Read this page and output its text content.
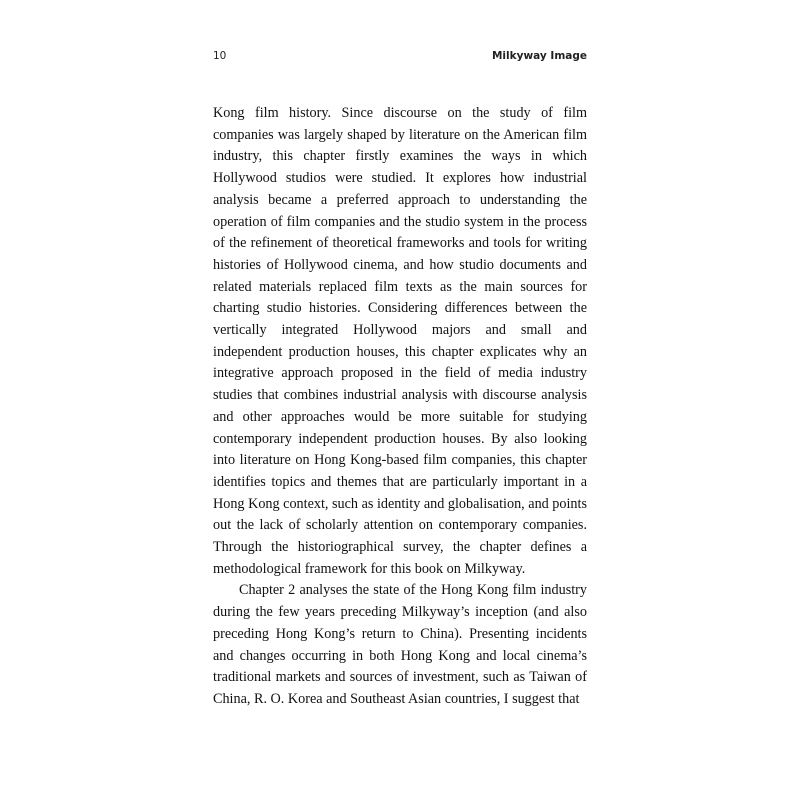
10	Milkyway Image

Kong film history. Since discourse on the study of film companies was largely shaped by literature on the American film industry, this chapter firstly examines the ways in which Hollywood studios were studied. It explores how industrial analysis became a preferred approach to understanding the operation of film companies and the studio system in the process of the refinement of theoretical frameworks and tools for writing histories of Hollywood cinema, and how studio documents and related materials replaced film texts as the main sources for charting studio histories. Considering differences between the vertically integrated Hollywood majors and small and independent production houses, this chapter explicates why an integrative approach proposed in the field of media industry studies that combines industrial analysis with discourse analysis and other approaches would be more suitable for studying contemporary independent production houses. By also looking into literature on Hong Kong-based film companies, this chapter identifies topics and themes that are particularly important in a Hong Kong context, such as identity and globalisation, and points out the lack of scholarly attention on contemporary companies. Through the historiographical survey, the chapter defines a methodological framework for this book on Milkyway.

Chapter 2 analyses the state of the Hong Kong film industry during the few years preceding Milkyway’s inception (and also preceding Hong Kong’s return to China). Presenting incidents and changes occurring in both Hong Kong and local cinema’s traditional markets and sources of investment, such as Taiwan of China, R. O. Korea and Southeast Asian countries, I suggest that
